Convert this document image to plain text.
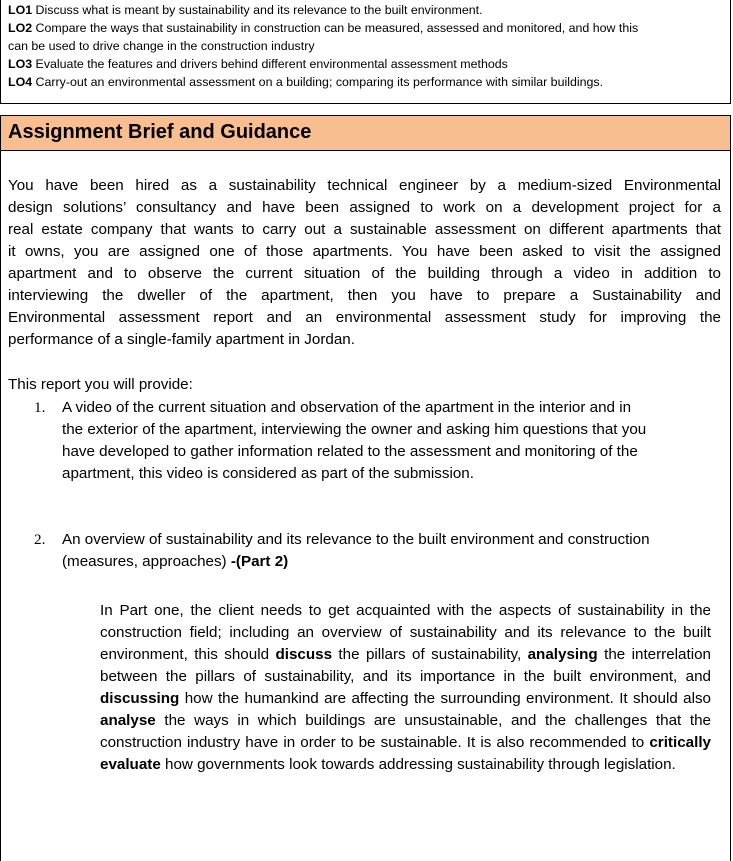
LO1 Discuss what is meant by sustainability and its relevance to the built environment.
LO2 Compare the ways that sustainability in construction can be measured, assessed and monitored, and how this
can be used to drive change in the construction industry
LO3 Evaluate the features and drivers behind different environmental assessment methods
LO4 Carry-out an environmental assessment on a building; comparing its performance with similar buildings.
Assignment Brief and Guidance
You have been hired as a sustainability technical engineer by a medium-sized Environmental
design solutions’ consultancy and have been assigned to work on a development project for a
real estate company that wants to carry out a sustainable assessment on different apartments that
it owns, you are assigned one of those apartments. You have been asked to visit the assigned
apartment and to observe the current situation of the building through a video in addition to
interviewing the dweller of the apartment, then you have to prepare a Sustainability and
Environmental assessment report and an environmental assessment study for improving the
performance of a single-family apartment in Jordan.
This report you will provide:
1. A video of the current situation and observation of the apartment in the interior and in
the exterior of the apartment, interviewing the owner and asking him questions that you
have developed to gather information related to the assessment and monitoring of the
apartment, this video is considered as part of the submission.
2. An overview of sustainability and its relevance to the built environment and construction
(measures, approaches) -(Part 2)
In Part one, the client needs to get acquainted with the aspects of sustainability in the construction field; including an overview of sustainability and its relevance to the built environment, this should discuss the pillars of sustainability, analysing the interrelation between the pillars of sustainability, and its importance in the built environment, and discussing how the humankind are affecting the surrounding environment. It should also analyse the ways in which buildings are unsustainable, and the challenges that the construction industry have in order to be sustainable. It is also recommended to critically evaluate how governments look towards addressing sustainability through legislation.
